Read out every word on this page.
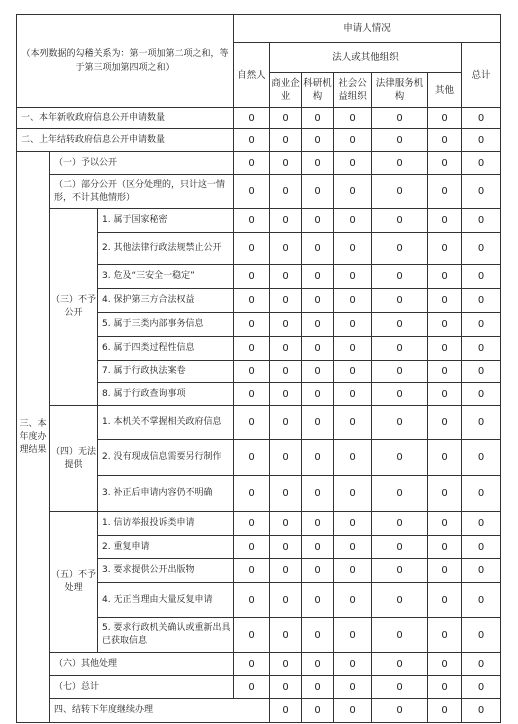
（本列数据的勾稽关系为：第一项加第二项之和，等于第三项加第四项之和）			申请人情况							
			自然人	法人或其他组织					总计	
				商业企业	科研机构	社会公益组织	法律服务机构	其他		
一、本年新收政府信息公开申请数量			0	0	0	0	0	0	0	
二、上年结转政府信息公开申请数量			0	0	0	0	0	0	0	
三、本年度办理结果	（一）予以公开		0	0	0	0	0	0	0	
	（二）部分公开（区分处理的，只计这一情形，不计其他情形）		0	0	0	0	0	0	0	
	（三）不予公开	1. 属于国家秘密	0	0	0	0	0	0	0	
		2. 其他法律行政法规禁止公开	0	0	0	0	0	0	0	
		3. 危及“三安全一稳定”	0	0	0	0	0	0	0	
		4. 保护第三方合法权益	0	0	0	0	0	0	0	
		5. 属于三类内部事务信息	0	0	0	0	0	0	0	
		6. 属于四类过程性信息	0	0	0	0	0	0	0	
		7. 属于行政执法案卷	0	0	0	0	0	0	0	
		8. 属于行政查询事项	0	0	0	0	0	0	0	
	（四）无法提供	1. 本机关不掌握相关政府信息	0	0	0	0	0	0	0	
		2. 没有现成信息需要另行制作	0	0	0	0	0	0	0	
		3. 补正后申请内容仍不明确	0	0	0	0	0	0	0	
	（五）不予处理	1. 信访举报投诉类申请	0	0	0	0	0	0	0	
		2. 重复申请	0	0	0	0	0	0	0	
		3. 要求提供公开出版物	0	0	0	0	0	0	0	
		4. 无正当理由大量反复申请	0	0	0	0	0	0	0	
		5. 要求行政机关确认或重新出具已获取信息	0	0	0	0	0	0	0	
	（六）其他处理		0	0	0	0	0	0	0	
	（七）总计		0	0	0	0	0	0	0	
	四、结转下年度继续办理			0	0	0	0	0	0	
